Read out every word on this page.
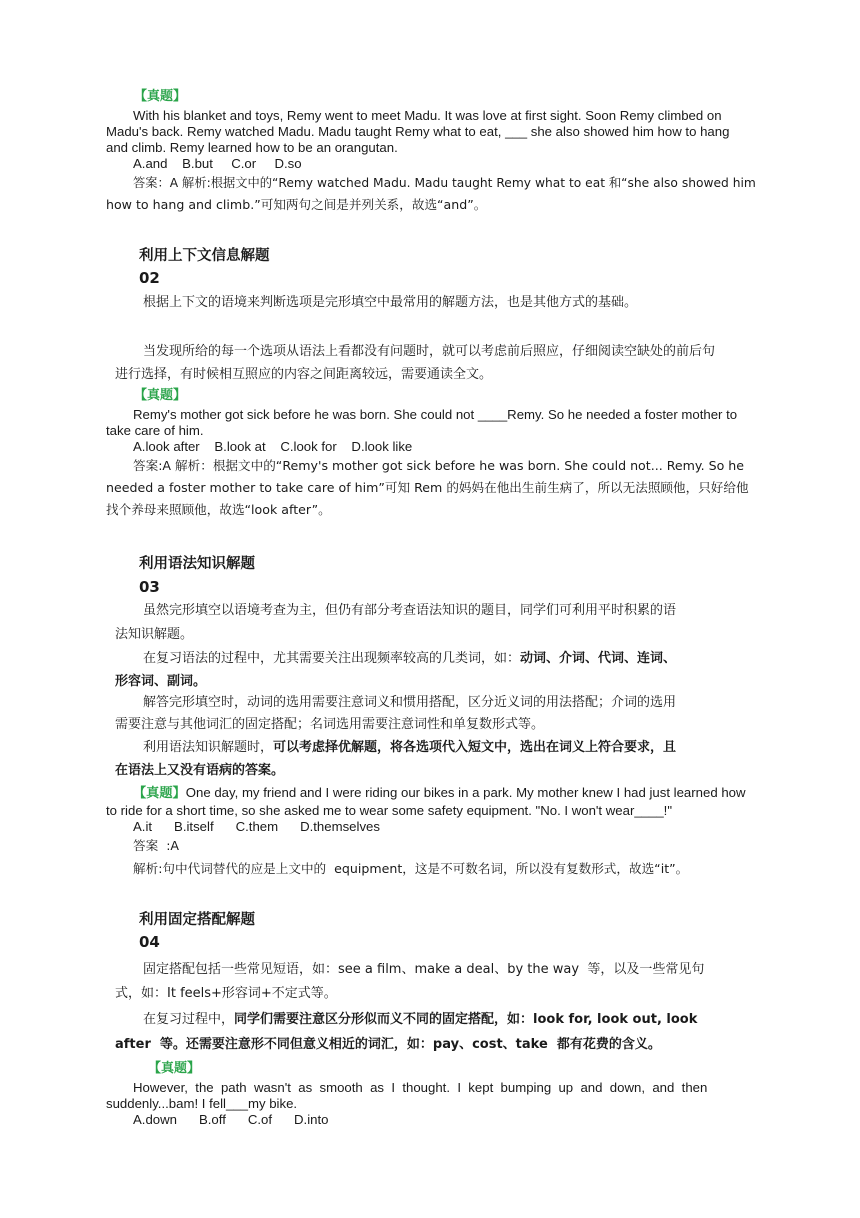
【真题】
With his blanket and toys, Remy went to meet Madu. It was love at first sight. Soon Remy climbed on
Madu's back. Remy watched Madu. Madu taught Remy what to eat, ___ she also showed him how to hang
and climb. Remy learned how to be an orangutan.
A.and    B.but     C.or     D.so
答案：A 解析:根据文中的“Remy watched Madu. Madu taught Remy what to eat 和“she also showed him
how to hang and climb.”可知两句之间是并列关系，故选“and”。
利用上下文信息解题
02
根据上下文的语境来判断选项是完形填空中最常用的解题方法，也是其他方式的基础。
当发现所给的每一个选项从语法上看都没有问题时，就可以考虑前后照应，仔细阅读空缺处的前后句
进行选择，有时候相互照应的内容之间距离较远，需要通读全文。
【真题】
Remy's mother got sick before he was born. She could not ____Remy. So he needed a foster mother to
take care of him.
A.look after    B.look at    C.look for    D.look like
答案:A 解析：根据文中的“Remy's mother got sick before he was born. She could not... Remy. So he
needed a foster mother to take care of him”可知 Rem 的妈妈在他出生前生病了，所以无法照顾他，只好给他
找个养母来照顾他，故选“look after”。
利用语法知识解题
03
虽然完形填空以语境考查为主，但仍有部分考查语法知识的题目，同学们可利用平时积累的语
法知识解题。
在复习语法的过程中，尤其需要关注出现频率较高的几类词，如：动词、介词、代词、连词、
形容词、副词。
解答完形填空时，动词的选用需要注意词义和惯用搭配，区分近义词的用法搭配；介词的选用
需要注意与其他词汇的固定搭配；名词选用需要注意词性和单复数形式等。
利用语法知识解题时，可以考虑择优解题，将各选项代入短文中，选出在词义上符合要求，且
在语法上又没有语病的答案。
【真题】One day, my friend and I were riding our bikes in a park. My mother knew I had just learned how
to ride for a short time, so she asked me to wear some safety equipment. "No. I won't wear____!"
A.it      B.itself      C.them      D.themselves
答案  :A
解析:句中代词替代的应是上文中的  equipment，这是不可数名词，所以没有复数形式，故选“it”。
利用固定搭配解题
04
固定搭配包括一些常见短语，如：see a film、make a deal、by the way  等，以及一些常见句
式，如：It feels+形容词+不定式等。
在复习过程中，同学们需要注意区分形似而义不同的固定搭配，如：look for, look out, look
after  等。还需要注意形不同但意义相近的词汇，如：pay、cost、take  都有花费的含义。
【真题】
However,  the  path  wasn't  as  smooth  as  I  thought.  I  kept  bumping  up  and  down,  and  then
suddenly...bam! I fell___my bike.
A.down      B.off      C.of      D.into
